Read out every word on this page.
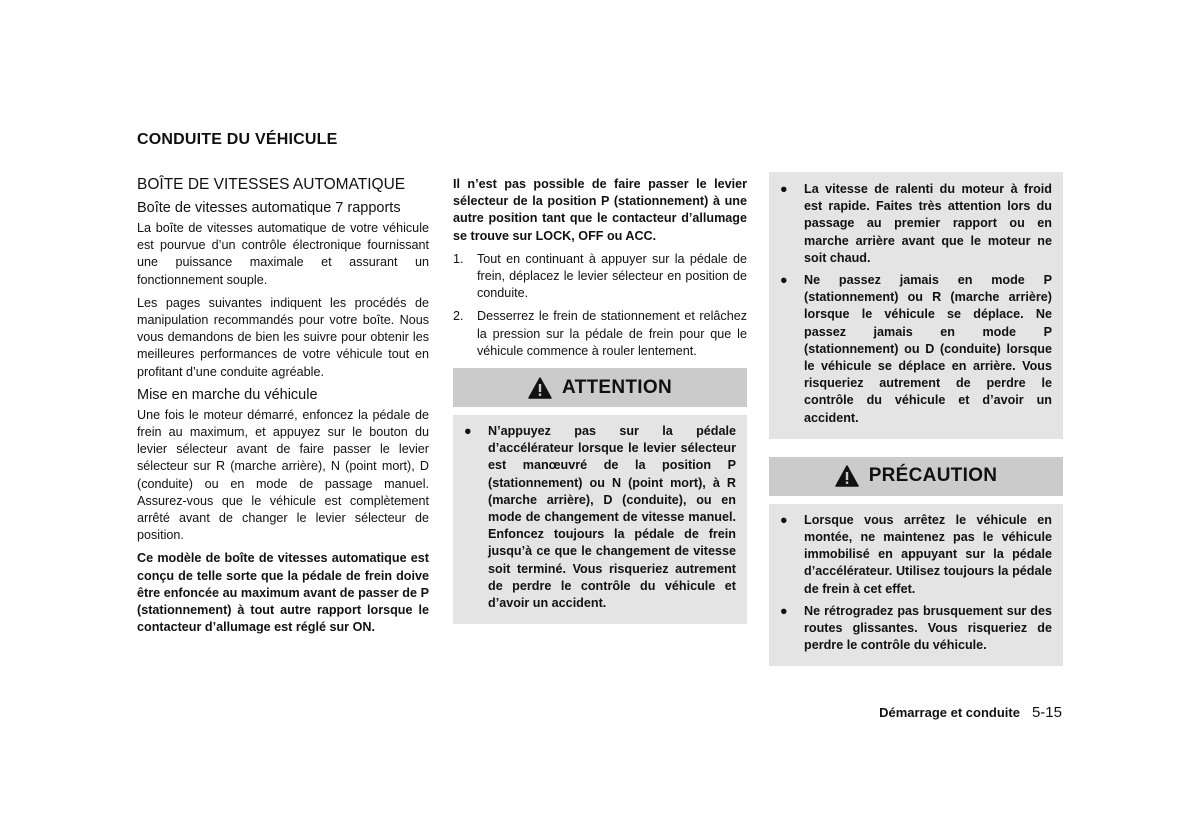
CONDUITE DU VÉHICULE
BOÎTE DE VITESSES AUTOMATIQUE
Boîte de vitesses automatique 7 rapports
La boîte de vitesses automatique de votre véhicule est pourvue d’un contrôle électronique fournissant une puissance maximale et assurant un fonctionnement souple.
Les pages suivantes indiquent les procédés de manipulation recommandés pour votre boîte. Nous vous demandons de bien les suivre pour obtenir les meilleures performances de votre véhicule tout en profitant d’une conduite agréable.
Mise en marche du véhicule
Une fois le moteur démarré, enfoncez la pédale de frein au maximum, et appuyez sur le bouton du levier sélecteur avant de faire passer le levier sélecteur sur R (marche arrière), N (point mort), D (conduite) ou en mode de passage manuel. Assurez-vous que le véhicule est complètement arrêté avant de changer le levier sélecteur de position.
Ce modèle de boîte de vitesses automatique est conçu de telle sorte que la pédale de frein doive être enfoncée au maximum avant de passer de P (stationnement) à tout autre rapport lorsque le contacteur d’allumage est réglé sur ON.
Il n’est pas possible de faire passer le levier sélecteur de la position P (stationnement) à une autre position tant que le contacteur d’allumage se trouve sur LOCK, OFF ou ACC.
1. Tout en continuant à appuyer sur la pédale de frein, déplacez le levier sélecteur en position de conduite.
2. Desserrez le frein de stationnement et relâchez la pression sur la pédale de frein pour que le véhicule commence à rouler lentement.
ATTENTION
● N’appuyez pas sur la pédale d’accélérateur lorsque le levier sélecteur est manœuvré de la position P (stationnement) ou N (point mort), à R (marche arrière), D (conduite), ou en mode de changement de vitesse manuel. Enfoncez toujours la pédale de frein jusqu’à ce que le changement de vitesse soit terminé. Vous risqueriez autrement de perdre le contrôle du véhicule et d’avoir un accident.
● La vitesse de ralenti du moteur à froid est rapide. Faites très attention lors du passage au premier rapport ou en marche arrière avant que le moteur ne soit chaud.
● Ne passez jamais en mode P (stationnement) ou R (marche arrière) lorsque le véhicule se déplace. Ne passez jamais en mode P (stationnement) ou D (conduite) lorsque le véhicule se déplace en arrière. Vous risqueriez autrement de perdre le contrôle du véhicule et d’avoir un accident.
PRÉCAUTION
● Lorsque vous arrêtez le véhicule en montée, ne maintenez pas le véhicule immobilisé en appuyant sur la pédale d’accélérateur. Utilisez toujours la pédale de frein à cet effet.
● Ne rétrogradez pas brusquement sur des routes glissantes. Vous risqueriez de perdre le contrôle du véhicule.
Démarrage et conduite 5-15
